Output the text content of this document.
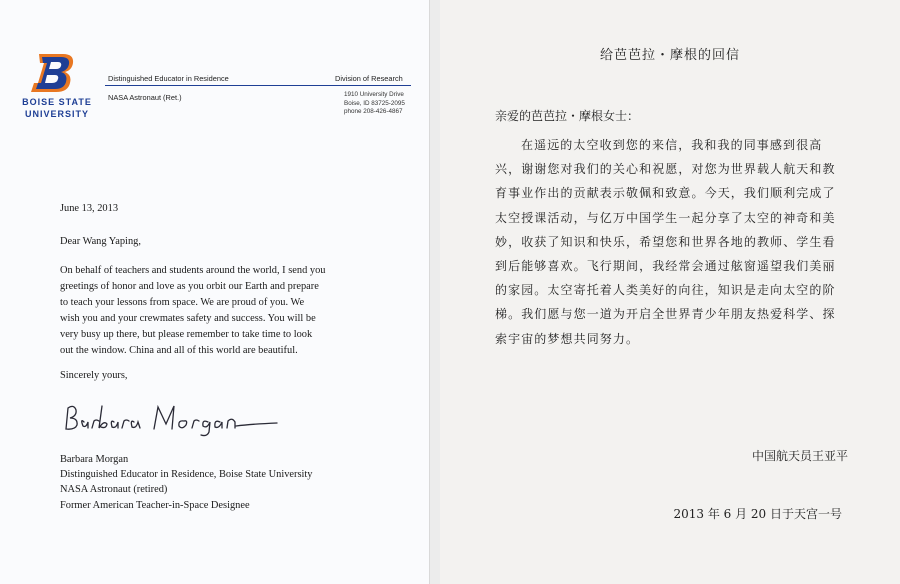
BOISE STATE
UNIVERSITY
Distinguished Educator in Residence	Division of Research
NASA Astronaut (Ret.)	1910 University Drive
Boise, ID 83725-2095
phone 208-426-4867
June 13, 2013
Dear Wang Yaping,
On behalf of teachers and students around the world, I send you
greetings of honor and love as you orbit our Earth and prepare
to teach your lessons from space. We are proud of you. We
wish you and your crewmates safety and success. You will be
very busy up there, but please remember to take time to look
out the window. China and all of this world are beautiful.
Sincerely yours,
Barbara Morgan
Distinguished Educator in Residence, Boise State University
NASA Astronaut (retired)
Former American Teacher-in-Space Designee
给芭芭拉・摩根的回信
亲爱的芭芭拉・摩根女士：
在遥远的太空收到您的来信，我和我的同事感到很高
兴，谢谢您对我们的关心和祝愿，对您为世界载人航天和教
育事业作出的贡献表示敬佩和致意。今天，我们顺利完成了
太空授课活动，与亿万中国学生一起分享了太空的神奇和美
妙，收获了知识和快乐，希望您和世界各地的教师、学生看
到后能够喜欢。飞行期间，我经常会通过舷窗遥望我们美丽
的家园。太空寄托着人类美好的向往，知识是走向太空的阶
梯。我们愿与您一道为开启全世界青少年朋友热爱科学、探
索宇宙的梦想共同努力。
中国航天员王亚平
2013 年 6 月 20 日于天宫一号
